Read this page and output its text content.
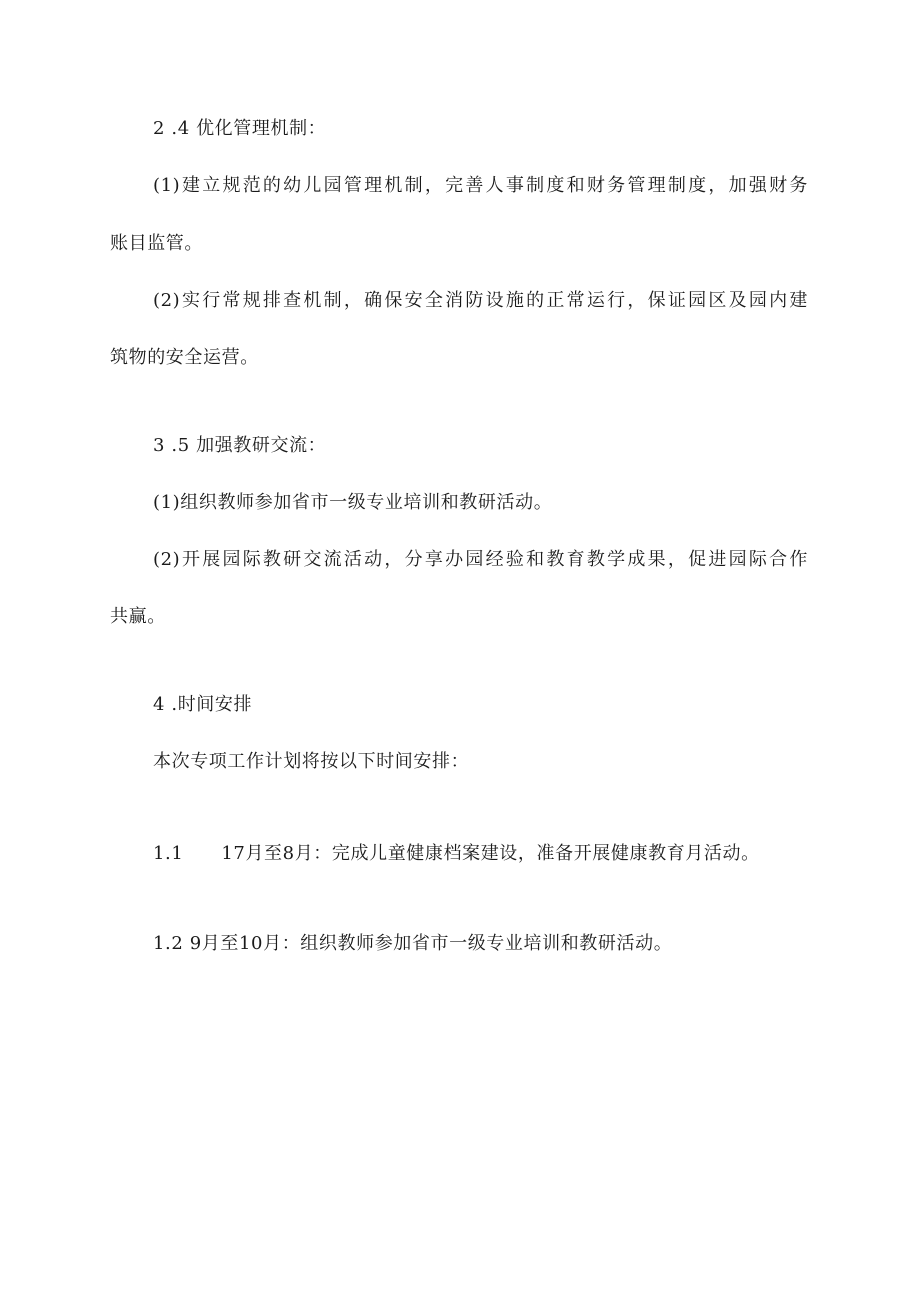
2 .4 优化管理机制：
(1)建立规范的幼儿园管理机制，完善人事制度和财务管理制度，加强财务
账目监管。
(2)实行常规排查机制，确保安全消防设施的正常运行，保证园区及园内建
筑物的安全运营。
3 .5 加强教研交流：
(1)组织教师参加省市一级专业培训和教研活动。
(2)开展园际教研交流活动，分享办园经验和教育教学成果，促进园际合作
共赢。
4 .时间安排
本次专项工作计划将按以下时间安排：
1.1      17月至8月：完成儿童健康档案建设，准备开展健康教育月活动。
1.2 9月至10月：组织教师参加省市一级专业培训和教研活动。
